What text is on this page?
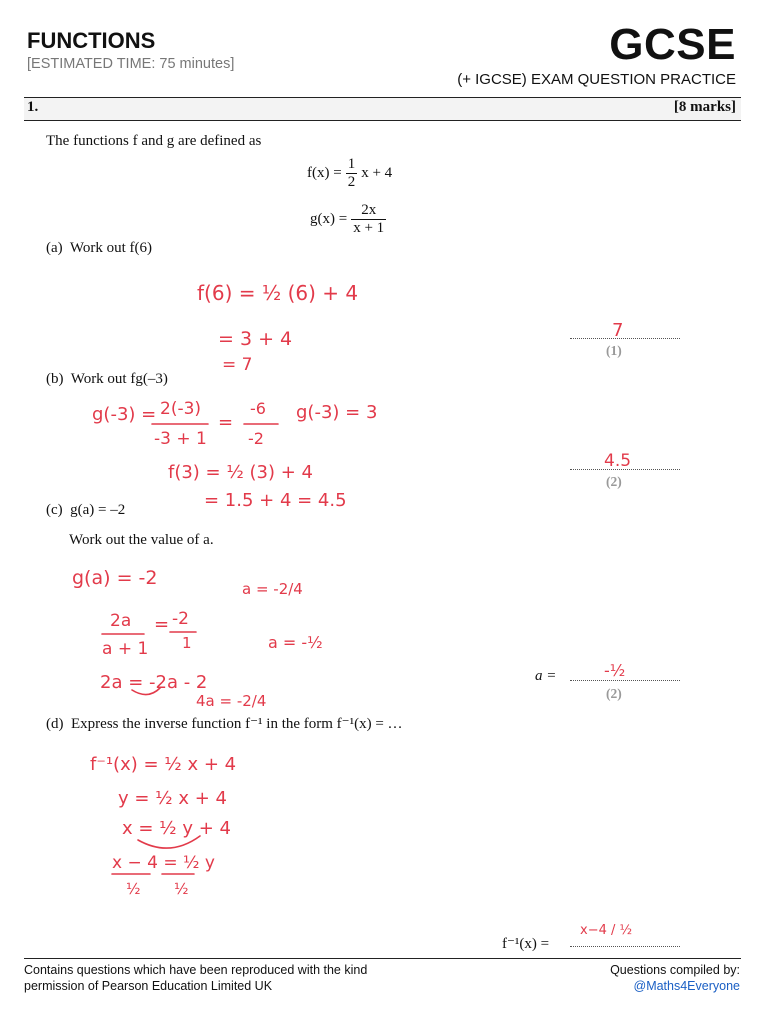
FUNCTIONS
[ESTIMATED TIME: 75 minutes]	GCSE
(+ IGCSE) EXAM QUESTION PRACTICE
1.	[8 marks]
The functions f and g are defined as
$f(x) = \frac{1}{2}$ x + 4
$g(x) = \frac{2x}{x + 1}$
(a) Work out f(6)
(1)
(b) Work out fg(–3)
(2)
(c) g(a) = –2
Work out the value of a.
a =
(2)
(d) Express the inverse function f⁻¹ in the form f⁻¹(x) = …
f⁻¹(x) =
Contains questions which have been reproduced with the kind permission of Pearson Education Limited UK
Questions compiled by:
@Maths4Everyone
f(6) = ½ (6) + 4
= 3 + 4
= 7
7
g(-3) = 2(-3)
-3 + 1
=
-6
-2
g(-3) = 3
f(3) = ½ (3) + 4
= 1.5 + 4 = 4.5
4.5
g(a) = -2
2a
a + 1
= -2
1
2a = -2a - 2
4a = -2/4
a = -2/4
a = -½
-½
f⁻¹(x) = ½ x + 4
y = ½ x + 4
x = ½ y + 4
x − 4 = ½ y
½ ½
x−4 / ½
